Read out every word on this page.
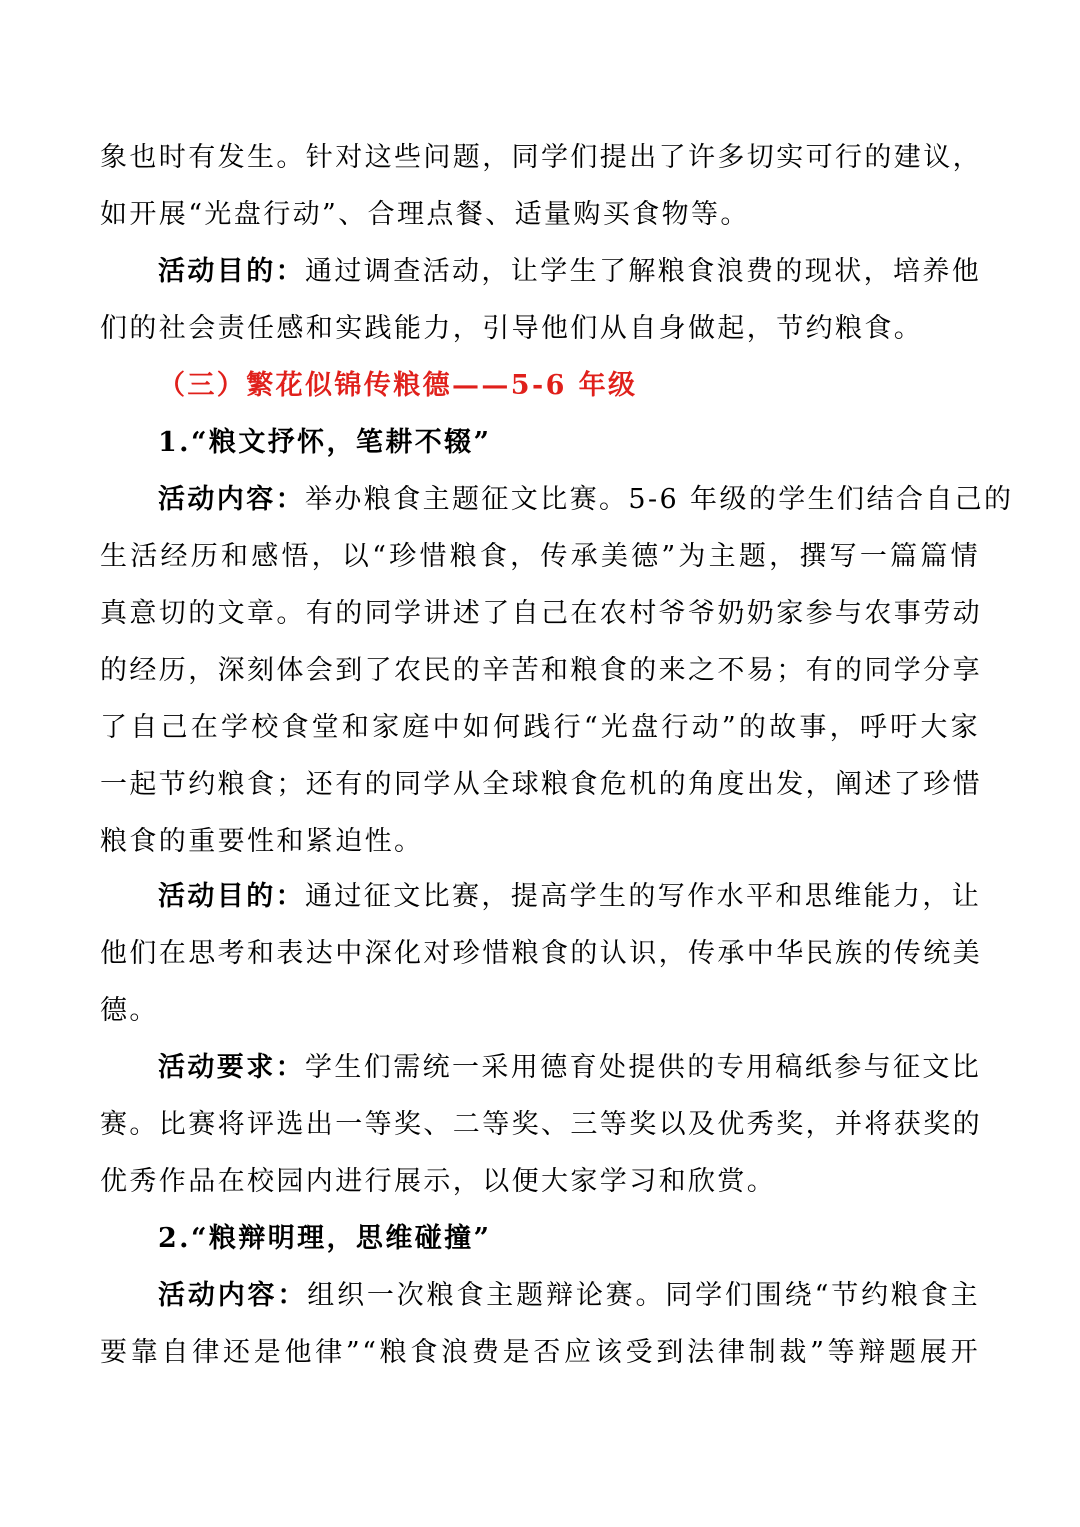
象也时有发生。针对这些问题，同学们提出了许多切实可行的建议，
如开展“光盘行动”、合理点餐、适量购买食物等。
活动目的：通过调查活动，让学生了解粮食浪费的现状，培养他
们的社会责任感和实践能力，引导他们从自身做起，节约粮食。
（三）繁花似锦传粮德——5-6 年级
1.“粮文抒怀，笔耕不辍”
活动内容：举办粮食主题征文比赛。5-6 年级的学生们结合自己的
生活经历和感悟，以“珍惜粮食，传承美德”为主题，撰写一篇篇情
真意切的文章。有的同学讲述了自己在农村爷爷奶奶家参与农事劳动
的经历，深刻体会到了农民的辛苦和粮食的来之不易；有的同学分享
了自己在学校食堂和家庭中如何践行“光盘行动”的故事，呼吁大家
一起节约粮食；还有的同学从全球粮食危机的角度出发，阐述了珍惜
粮食的重要性和紧迫性。
活动目的：通过征文比赛，提高学生的写作水平和思维能力，让
他们在思考和表达中深化对珍惜粮食的认识，传承中华民族的传统美
德。
活动要求：学生们需统一采用德育处提供的专用稿纸参与征文比
赛。比赛将评选出一等奖、二等奖、三等奖以及优秀奖，并将获奖的
优秀作品在校园内进行展示，以便大家学习和欣赏。
2.“粮辩明理，思维碰撞”
活动内容：组织一次粮食主题辩论赛。同学们围绕“节约粮食主
要靠自律还是他律”“粮食浪费是否应该受到法律制裁”等辩题展开
